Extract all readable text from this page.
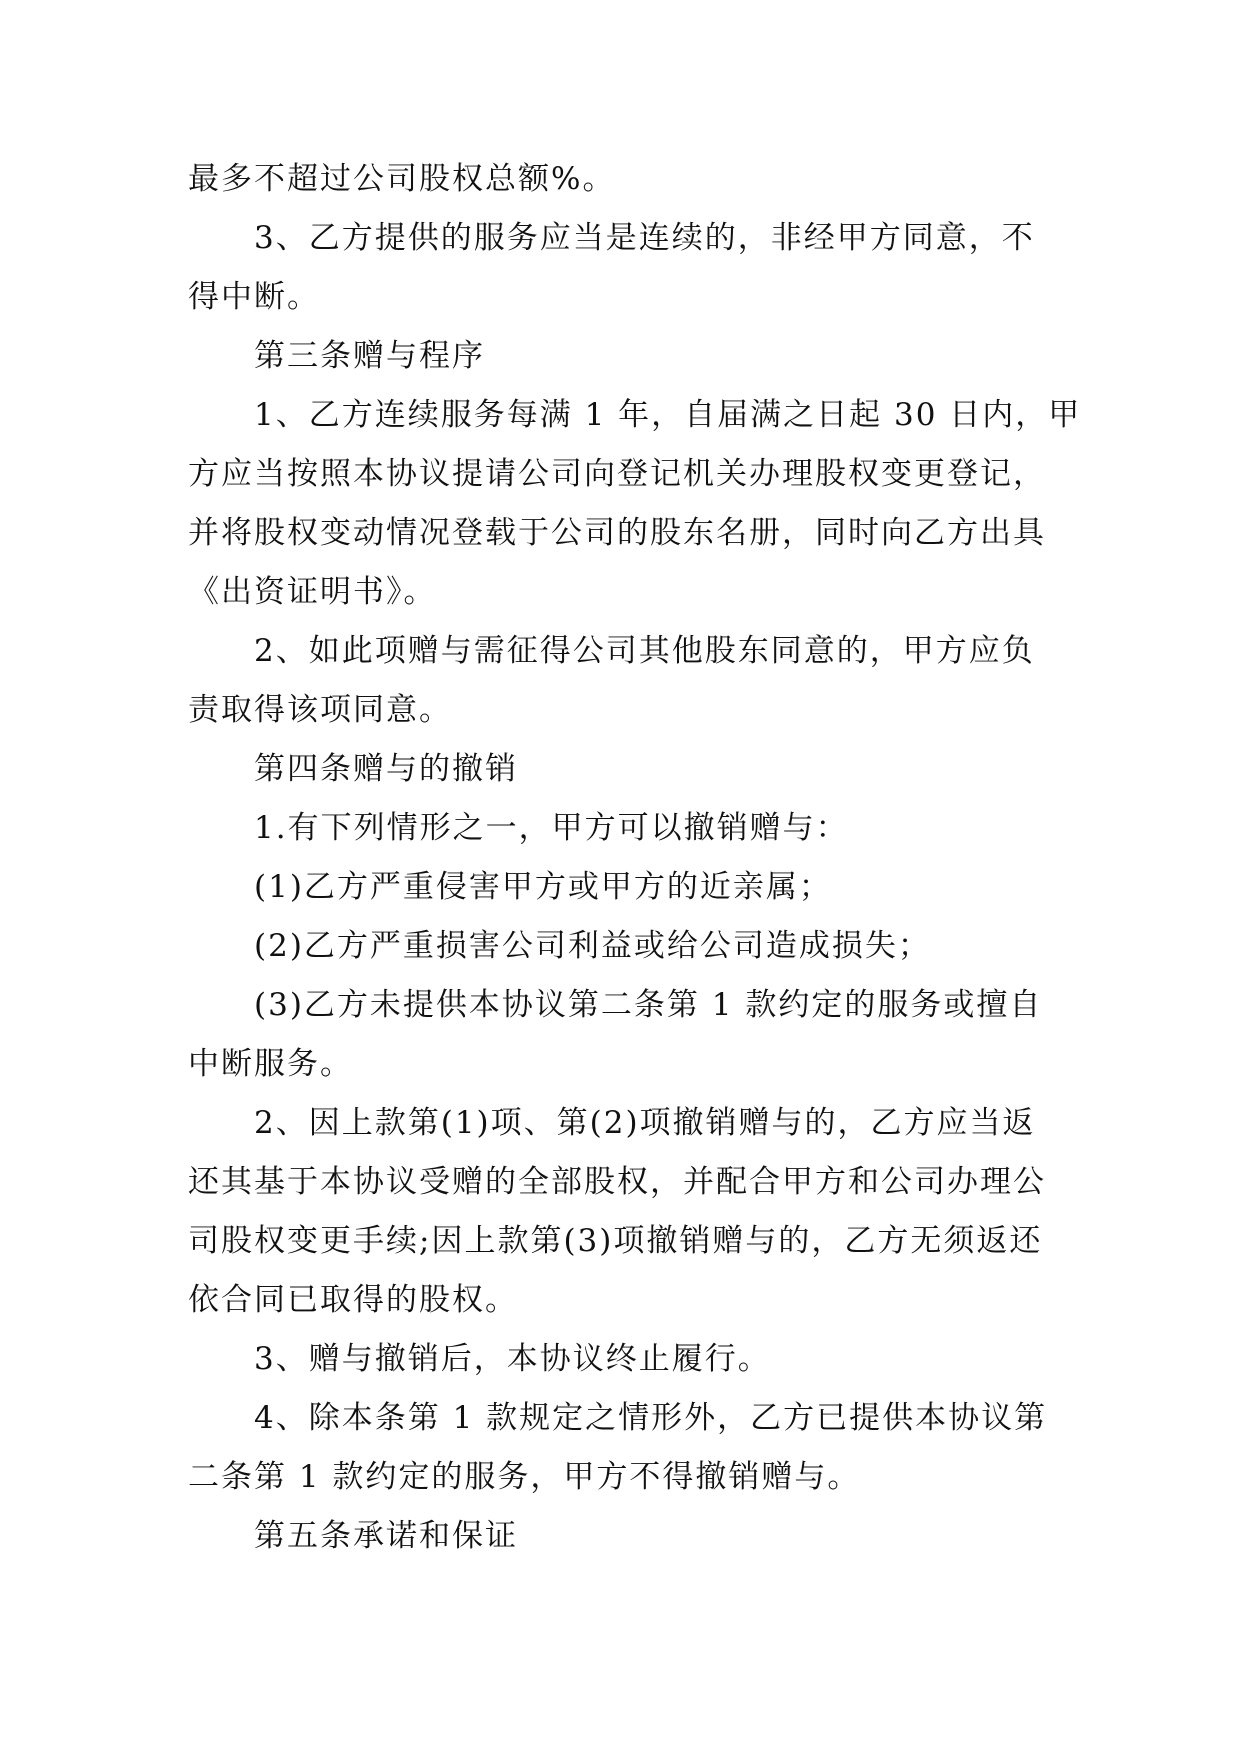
最多不超过公司股权总额%。
3、乙方提供的服务应当是连续的，非经甲方同意，不
得中断。
第三条赠与程序
1、乙方连续服务每满 1 年，自届满之日起 30 日内，甲
方应当按照本协议提请公司向登记机关办理股权变更登记，
并将股权变动情况登载于公司的股东名册，同时向乙方出具
《出资证明书》。
2、如此项赠与需征得公司其他股东同意的，甲方应负
责取得该项同意。
第四条赠与的撤销
1.有下列情形之一，甲方可以撤销赠与：
(1)乙方严重侵害甲方或甲方的近亲属；
(2)乙方严重损害公司利益或给公司造成损失；
(3)乙方未提供本协议第二条第 1 款约定的服务或擅自
中断服务。
2、因上款第(1)项、第(2)项撤销赠与的，乙方应当返
还其基于本协议受赠的全部股权，并配合甲方和公司办理公
司股权变更手续;因上款第(3)项撤销赠与的，乙方无须返还
依合同已取得的股权。
3、赠与撤销后，本协议终止履行。
4、除本条第 1 款规定之情形外，乙方已提供本协议第
二条第 1 款约定的服务，甲方不得撤销赠与。
第五条承诺和保证
